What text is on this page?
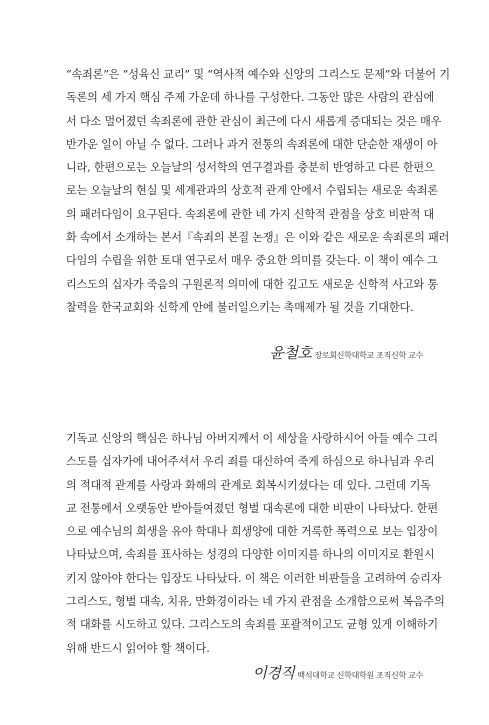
“속죄론”은 “성육신 교리” 및 “역사적 예수와 신앙의 그리스도 문제”와 더불어 기
독론의 세 가지 핵심 주제 가운데 하나를 구성한다. 그동안 많은 사람의 관심에
서 다소 멀어졌던 속죄론에 관한 관심이 최근에 다시 새롭게 증대되는 것은 매우
반가운 일이 아닐 수 없다. 그러나 과거 전통의 속죄론에 대한 단순한 재생이 아
니라, 한편으로는 오늘날의 성서학의 연구결과를 충분히 반영하고 다른 한편으
로는 오늘날의 현실 및 세계관과의 상호적 관계 안에서 수립되는 새로운 속죄론
의 패러다임이 요구된다. 속죄론에 관한 네 가지 신학적 관점을 상호 비판적 대
화 속에서 소개하는 본서『속죄의 본질 논쟁』은 이와 같은 새로운 속죄론의 패러
다임의 수립을 위한 토대 연구로서 매우 중요한 의미를 갖는다. 이 책이 예수 그
리스도의 십자가 죽음의 구원론적 의미에 대한 깊고도 새로운 신학적 사고와 통
찰력을 한국교회와 신학계 안에 불러일으키는 촉매제가 될 것을 기대한다.

윤철호 장로회신학대학교 조직신학 교수

기독교 신앙의 핵심은 하나님 아버지께서 이 세상을 사랑하시어 아들 예수 그리
스도를 십자가에 내어주셔서 우리 죄를 대신하여 죽게 하심으로 하나님과 우리
의 적대적 관계를 사랑과 화해의 관계로 회복시키셨다는 데 있다. 그런데 기독
교 전통에서 오랫동안 받아들여졌던 형벌 대속론에 대한 비판이 나타났다. 한편
으로 예수님의 희생을 유아 학대나 희생양에 대한 거룩한 폭력으로 보는 입장이
나타났으며, 속죄를 표사하는 성경의 다양한 이미지를 하나의 이미지로 환원시
키지 않아야 한다는 입장도 나타났다. 이 책은 이러한 비판들을 고려하여 승리자
그리스도, 형벌 대속, 치유, 만화경이라는 네 가지 관점을 소개함으로써 복음주의
적 대화를 시도하고 있다. 그리스도의 속죄를 포괄적이고도 균형 있게 이해하기
위해 반드시 읽어야 할 책이다.

이경직 백석대학교 신학대학원 조직신학 교수
